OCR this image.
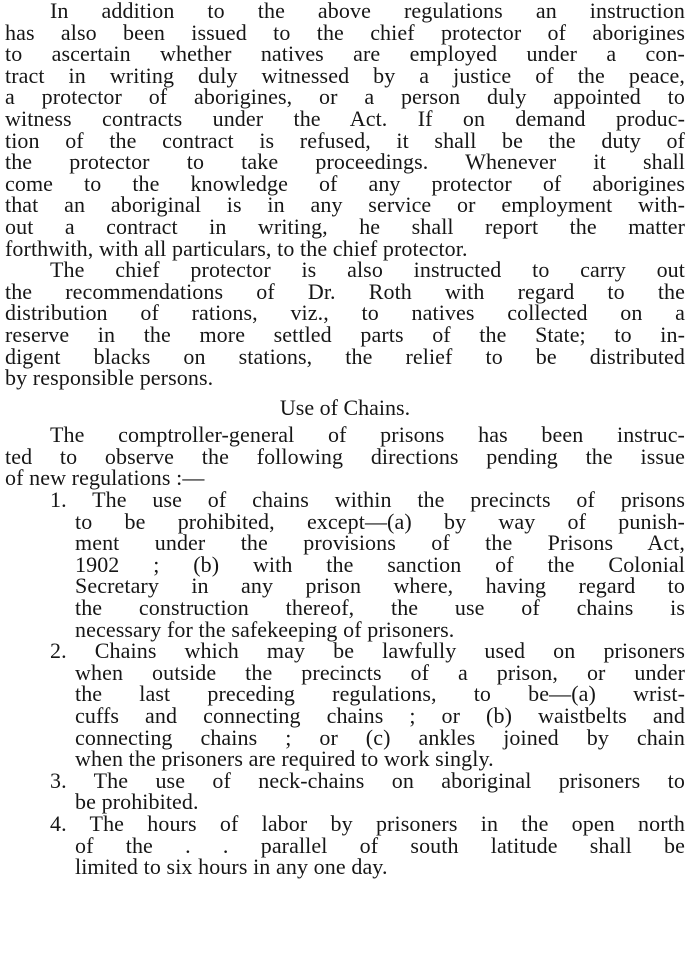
In addition to the above regulations an instruction
has also been issued to the chief protector of aborigines
to ascertain whether natives are employed under a con-
tract in writing duly witnessed by a justice of the peace,
a protector of aborigines, or a person duly appointed to
witness contracts under the Act. If on demand produc-
tion of the contract is refused, it shall be the duty of
the protector to take proceedings. Whenever it shall
come to the knowledge of any protector of aborigines
that an aboriginal is in any service or employment with-
out a contract in writing, he shall report the matter
forthwith, with all particulars, to the chief protector.
The chief protector is also instructed to carry out
the recommendations of Dr. Roth with regard to the
distribution of rations, viz., to natives collected on a
reserve in the more settled parts of the State; to in-
digent blacks on stations, the relief to be distributed
by responsible persons.
Use of Chains.
The comptroller-general of prisons has been instruc-
ted to observe the following directions pending the issue
of new regulations :—
1. The use of chains within the precincts of prisons
to be prohibited, except—(a) by way of punish-
ment under the provisions of the Prisons Act,
1902 ; (b) with the sanction of the Colonial
Secretary in any prison where, having regard to
the construction thereof, the use of chains is
necessary for the safekeeping of prisoners.
2. Chains which may be lawfully used on prisoners
when outside the precincts of a prison, or under
the last preceding regulations, to be—(a) wrist-
cuffs and connecting chains ; or (b) waistbelts and
connecting chains ; or (c) ankles joined by chain
when the prisoners are required to work singly.
3. The use of neck-chains on aboriginal prisoners to
be prohibited.
4. The hours of labor by prisoners in the open north
of the . . parallel of south latitude shall be
limited to six hours in any one day.
